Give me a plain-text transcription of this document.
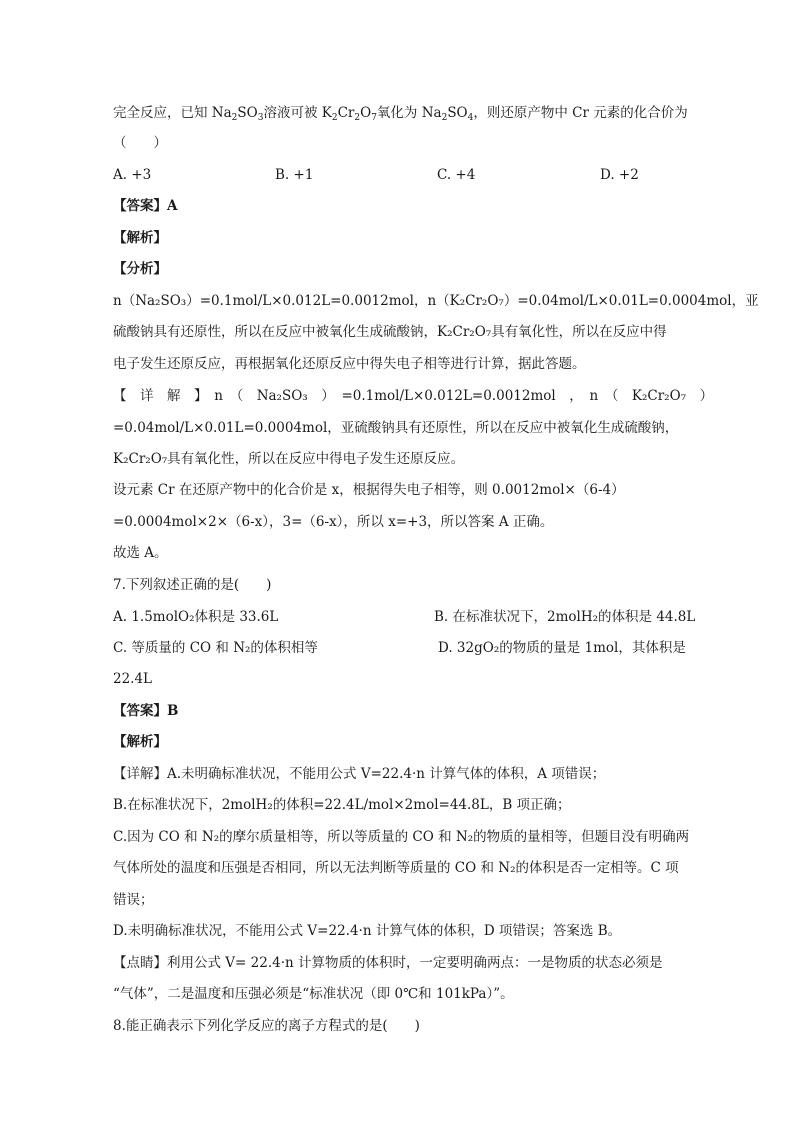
完全反应，已知 $Na_2SO_3$溶液可被 $K_2Cr_2O_7$氧化为 $Na_2SO_4$，则还原产物中 Cr 元素的化合价为
（　　）
A. +3	B. +1	C. +4	D. +2
【答案】A
【解析】
【分析】
n（Na₂SO₃）=0.1mol/L×0.012L=0.0012mol，n（K₂Cr₂O₇）=0.04mol/L×0.01L=0.0004mol，亚
硫酸钠具有还原性，所以在反应中被氧化生成硫酸钠，K₂Cr₂O₇具有氧化性，所以在反应中得
电子发生还原反应，再根据氧化还原反应中得失电子相等进行计算，据此答题。
【　详　解　】　n　（　Na₂SO₃　）　=0.1mol/L×0.012L=0.0012mol　，　n　（　K₂Cr₂O₇　）
=0.04mol/L×0.01L=0.0004mol，亚硫酸钠具有还原性，所以在反应中被氧化生成硫酸钠，
K₂Cr₂O₇具有氧化性，所以在反应中得电子发生还原反应。
设元素 Cr 在还原产物中的化合价是 x，根据得失电子相等，则 0.0012mol×（6-4）
=0.0004mol×2×（6-x），3=（6-x），所以 x=+3，所以答案 A 正确。
故选 A。
7.下列叙述正确的是(　　)
A. 1.5molO₂体积是 33.6L	B. 在标准状况下，2molH₂的体积是 44.8L
C. 等质量的 CO 和 N₂的体积相等	D. 32gO₂的物质的量是 1mol，其体积是
22.4L
【答案】B
【解析】
【详解】A.未明确标准状况，不能用公式 V=22.4·n 计算气体的体积，A 项错误；
B.在标准状况下，2molH₂的体积=22.4L/mol×2mol=44.8L，B 项正确；
C.因为 CO 和 N₂的摩尔质量相等，所以等质量的 CO 和 N₂的物质的量相等，但题目没有明确两
气体所处的温度和压强是否相同，所以无法判断等质量的 CO 和 N₂的体积是否一定相等。C 项
错误；
D.未明确标准状况，不能用公式 V=22.4·n 计算气体的体积，D 项错误；答案选 B。
【点睛】利用公式 V= 22.4·n 计算物质的体积时，一定要明确两点：一是物质的状态必须是
“气体”，二是温度和压强必须是“标准状况（即 0℃和 101kPa）”。
8.能正确表示下列化学反应的离子方程式的是(　　)
